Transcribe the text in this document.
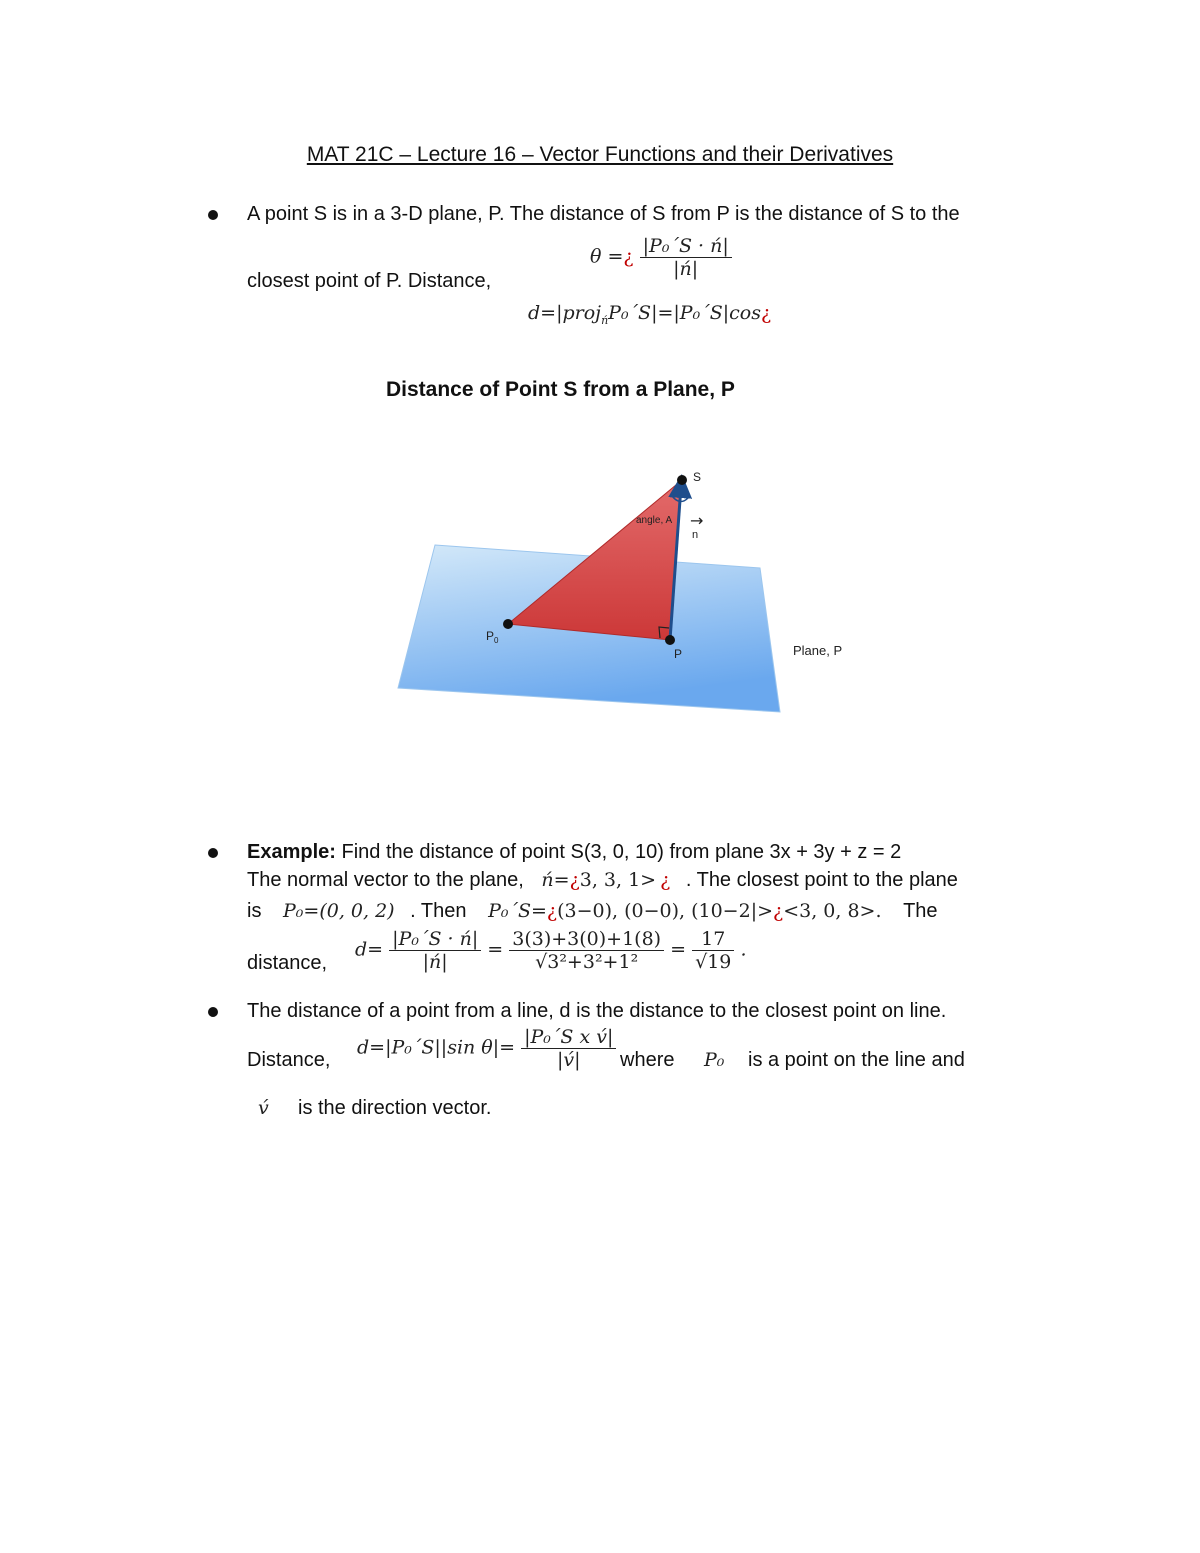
MAT 21C – Lecture 16 – Vector Functions and their Derivatives
A point S is in a 3-D plane, P. The distance of S from P is the distance of S to the
θ =¿ $\frac{\text{|P₀´S · ń|}}{|ń|}$
closest point of P. Distance,
d=|proj$_ń$P₀´S|=|P₀´S|cos¿
Distance of Point S from a Plane, P
S
$P_0$
P
angle, A →
n
Plane, P
Example: Find the distance of point S(3, 0, 10) from plane 3x + 3y + z = 2
The normal vector to the plane, ń=¿3, 3, 1> ¿ . The closest point to the plane
is P₀=(0, 0, 2) . Then P₀´S=¿(3−0), (0−0), (10−2|>¿<3, 0, 8>. The
distance,
$d= \frac{\text{|P₀´S · ń|}}{|ń|} = \frac{3(3)+3(0)+1(8)}{\text{√3²+3²+1²}} = \frac{17}{√19}$ .
The distance of a point from a line, d is the distance to the closest point on line.
Distance,
d=|P₀´S||sin $\theta|= \frac{\text{|P₀´S x v́|}}{|v́|}$ where P₀ is a point on the line and
v́ is the direction vector.
